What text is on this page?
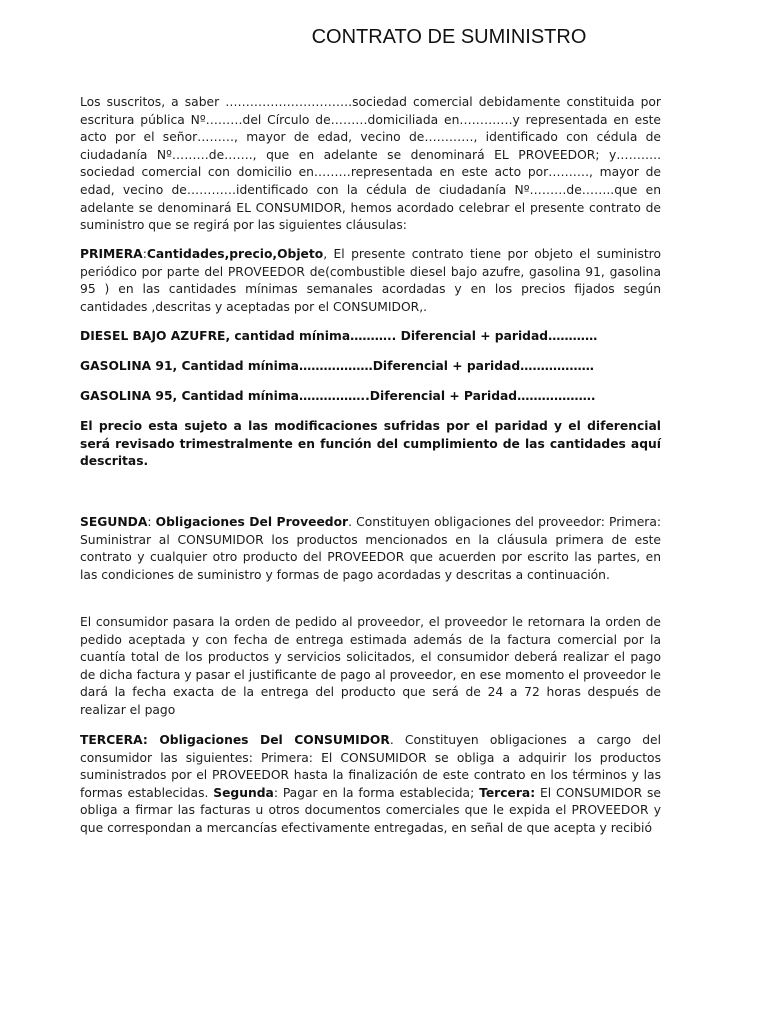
CONTRATO DE SUMINISTRO
Los suscritos, a saber ………………………….sociedad comercial debidamente constituida por escritura pública Nº………del Círculo de………domiciliada en………….y representada en este acto por el señor………, mayor de edad, vecino de…………, identificado con cédula de ciudadanía Nº………de……., que en adelante se denominará EL PROVEEDOR; y……….. sociedad comercial con domicilio en………representada en este acto por………., mayor de edad, vecino de…………identificado con la cédula de ciudadanía Nº………de……..que en adelante se denominará EL CONSUMIDOR, hemos acordado celebrar el presente contrato de suministro que se regirá por las siguientes cláusulas:
PRIMERA:Cantidades,precio,Objeto, El presente contrato tiene por objeto el suministro periódico por parte del PROVEEDOR de(combustible diesel bajo azufre, gasolina 91, gasolina 95 ) en las cantidades mínimas semanales acordadas y en los precios fijados según cantidades ,descritas y aceptadas por el CONSUMIDOR,.
DIESEL BAJO AZUFRE, cantidad mínima……….. Diferencial + paridad…………
GASOLINA 91, Cantidad mínima………………Diferencial + paridad………………
GASOLINA 95, Cantidad mínima……………..Diferencial + Paridad……………….
El precio esta sujeto a las modificaciones sufridas por el paridad y el diferencial será revisado trimestralmente en función del cumplimiento de las cantidades aquí descritas.
SEGUNDA: Obligaciones Del Proveedor. Constituyen obligaciones del proveedor: Primera: Suministrar al CONSUMIDOR los productos mencionados en la cláusula primera de este contrato y cualquier otro producto del PROVEEDOR que acuerden por escrito las partes, en las condiciones de suministro y formas de pago acordadas y descritas a continuación.
El consumidor pasara la orden de pedido al proveedor, el proveedor le retornara la orden de pedido aceptada y con fecha de entrega estimada además de la factura comercial por la cuantía total de los productos y servicios solicitados, el consumidor deberá realizar el pago de dicha factura y pasar el justificante de pago al proveedor, en ese momento el proveedor le dará la fecha exacta de la entrega del producto que será de 24 a 72 horas después de realizar el pago
TERCERA: Obligaciones Del CONSUMIDOR. Constituyen obligaciones a cargo del consumidor las siguientes: Primera: El CONSUMIDOR se obliga a adquirir los productos suministrados por el PROVEEDOR hasta la finalización de este contrato en los términos y las formas establecidas. Segunda: Pagar en la forma establecida; Tercera: El CONSUMIDOR se obliga a firmar las facturas u otros documentos comerciales que le expida el PROVEEDOR y que correspondan a mercancías efectivamente entregadas, en señal de que acepta y recibió
